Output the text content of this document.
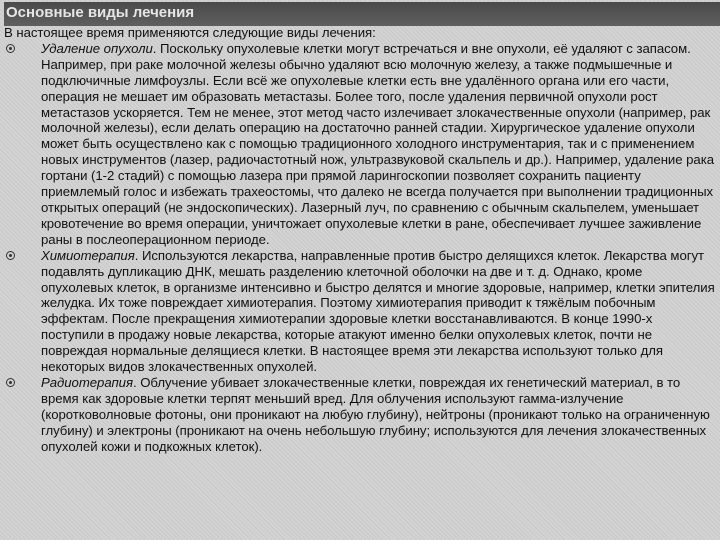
Основные виды лечения

В настоящее время применяются следующие виды лечения:

Удаление опухоли. Поскольку опухолевые клетки могут встречаться и вне опухоли, её удаляют с запасом. Например, при раке молочной железы обычно удаляют всю молочную железу, а также подмышечные и подключичные лимфоузлы. Если всё же опухолевые клетки есть вне удалённого органа или его части, операция не мешает им образовать метастазы. Более того, после удаления первичной опухоли рост метастазов ускоряется. Тем не менее, этот метод часто излечивает злокачественные опухоли (например, рак молочной железы), если делать операцию на достаточно ранней стадии. Хирургическое удаление опухоли может быть осуществлено как с помощью традиционного холодного инструментария, так и с применением новых инструментов (лазер, радиочастотный нож, ультразвуковой скальпель и др.). Например, удаление рака гортани (1-2 стадий) с помощью лазера при прямой ларингоскопии позволяет сохранить пациенту приемлемый голос и избежать трахеостомы, что далеко не всегда получается при выполнении традиционных открытых операций (не эндоскопических). Лазерный луч, по сравнению с обычным скальпелем, уменьшает кровотечение во время операции, уничтожает опухолевые клетки в ране, обеспечивает лучшее заживление раны в послеоперационном периоде.

Химиотерапия. Используются лекарства, направленные против быстро делящихся клеток. Лекарства могут подавлять дупликацию ДНК, мешать разделению клеточной оболочки на две и т. д. Однако, кроме опухолевых клеток, в организме интенсивно и быстро делятся и многие здоровые, например, клетки эпителия желудка. Их тоже повреждает химиотерапия. Поэтому химиотерапия приводит к тяжёлым побочным эффектам. После прекращения химиотерапии здоровые клетки восстанавливаются. В конце 1990-х поступили в продажу новые лекарства, которые атакуют именно белки опухолевых клеток, почти не повреждая нормальные делящиеся клетки. В настоящее время эти лекарства используют только для некоторых видов злокачественных опухолей.

Радиотерапия. Облучение убивает злокачественные клетки, повреждая их генетический материал, в то время как здоровые клетки терпят меньший вред. Для облучения используют гамма-излучение (коротковолновые фотоны, они проникают на любую глубину), нейтроны (проникают только на ограниченную глубину) и электроны (проникают на очень небольшую глубину; используются для лечения злокачественных опухолей кожи и подкожных клеток).
